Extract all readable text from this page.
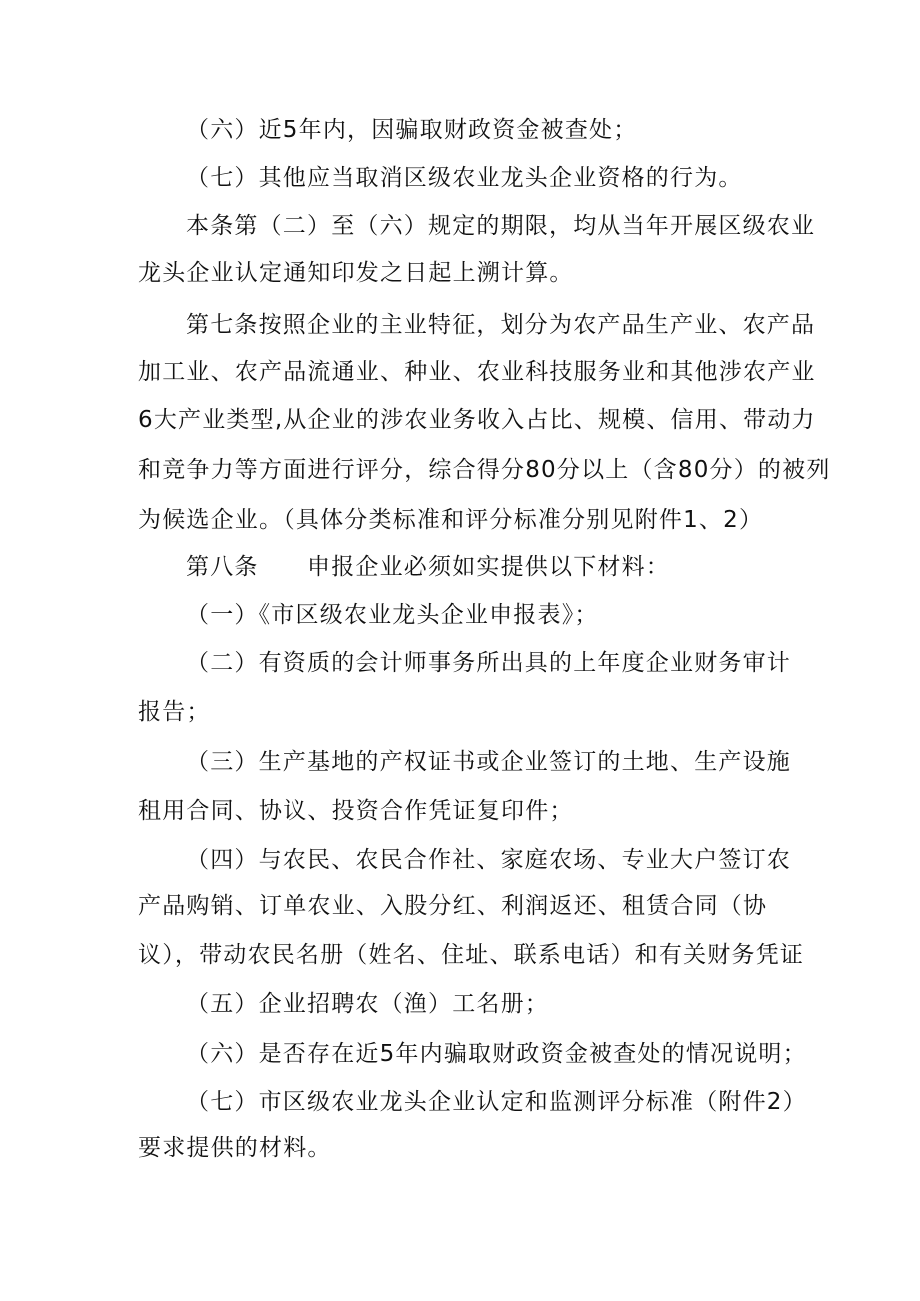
（六）近5年内，因骗取财政资金被查处；
（七）其他应当取消区级农业龙头企业资格的行为。
本条第（二）至（六）规定的期限，均从当年开展区级农业
龙头企业认定通知印发之日起上溯计算。
第七条按照企业的主业特征，划分为农产品生产业、农产品
加工业、农产品流通业、种业、农业科技服务业和其他涉农产业
6大产业类型,从企业的涉农业务收入占比、规模、信用、带动力
和竞争力等方面进行评分，综合得分80分以上（含80分）的被列
为候选企业。（具体分类标准和评分标准分别见附件1、2）
第八条　　申报企业必须如实提供以下材料：
（一）《市区级农业龙头企业申报表》；
（二）有资质的会计师事务所出具的上年度企业财务审计
报告；
（三）生产基地的产权证书或企业签订的土地、生产设施
租用合同、协议、投资合作凭证复印件；
（四）与农民、农民合作社、家庭农场、专业大户签订农
产品购销、订单农业、入股分红、利润返还、租赁合同（协
议），带动农民名册（姓名、住址、联系电话）和有关财务凭证
（五）企业招聘农（渔）工名册；
（六）是否存在近5年内骗取财政资金被查处的情况说明；
（七）市区级农业龙头企业认定和监测评分标准（附件2）
要求提供的材料。
